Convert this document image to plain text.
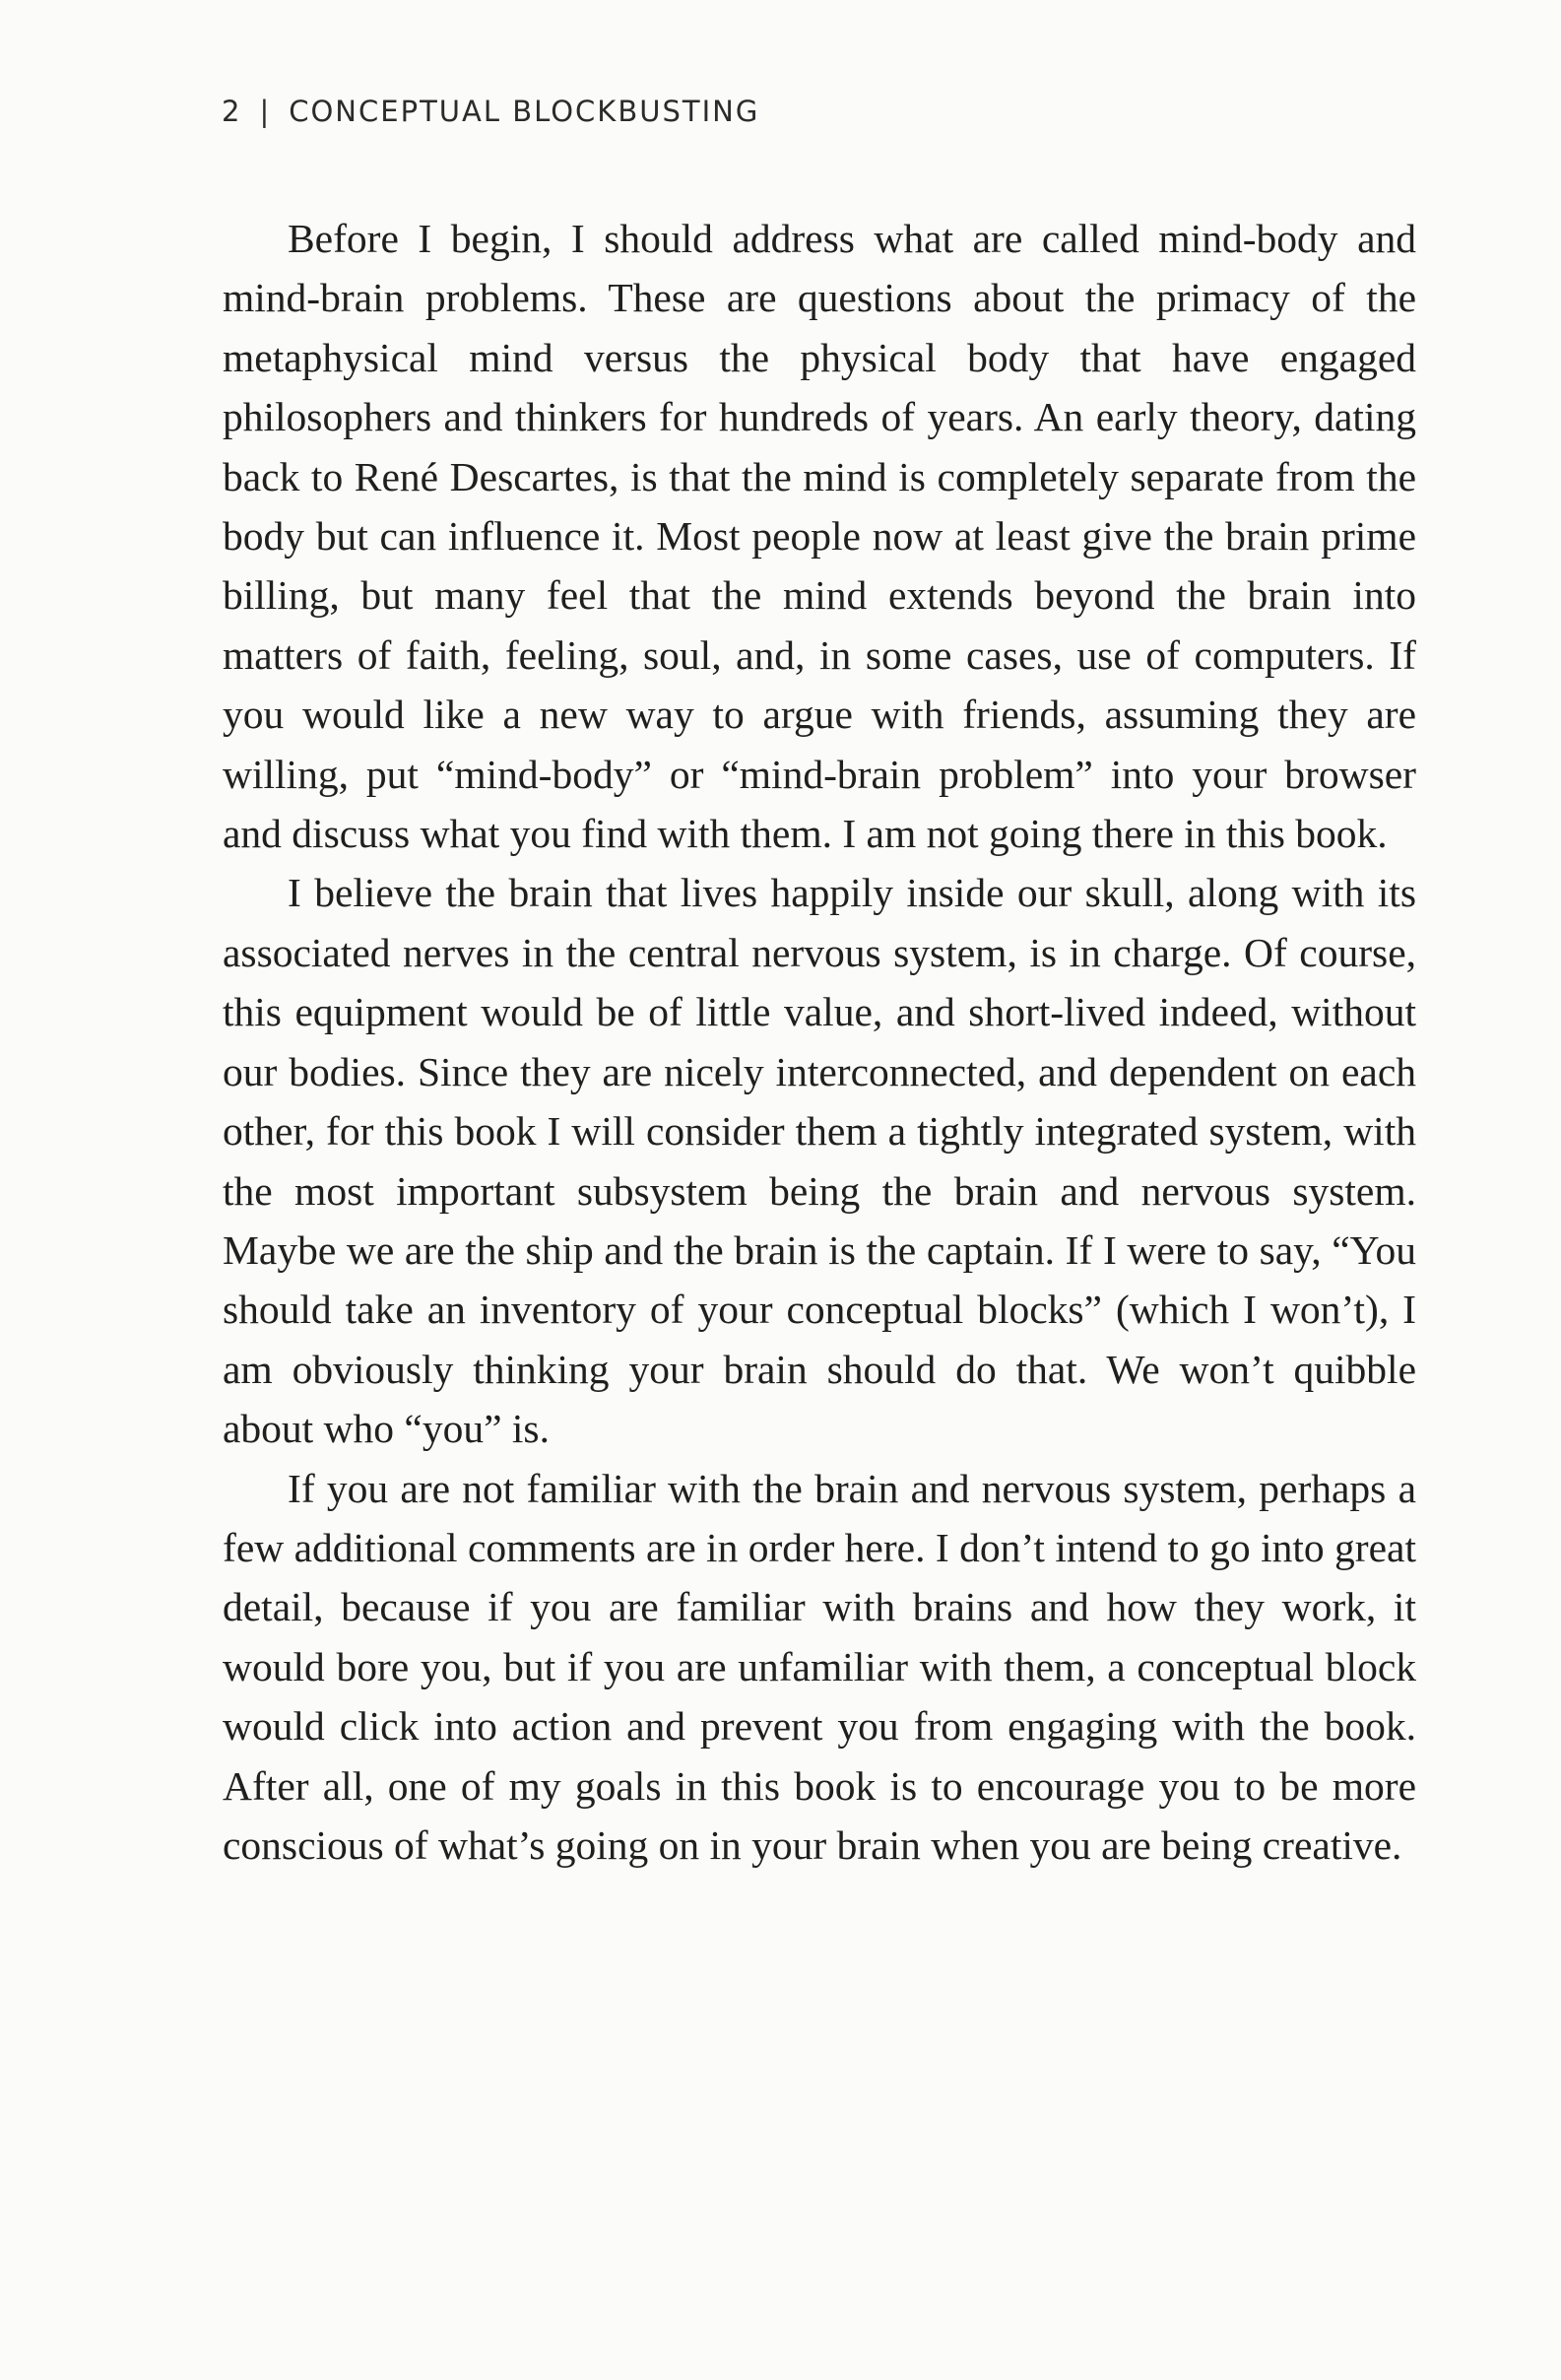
2 | CONCEPTUAL BLOCKBUSTING

Before I begin, I should address what are called mind-body and mind-brain problems. These are questions about the primacy of the metaphysical mind versus the physical body that have engaged philosophers and thinkers for hundreds of years. An early theory, dating back to René Descartes, is that the mind is completely separate from the body but can influence it. Most people now at least give the brain prime billing, but many feel that the mind extends beyond the brain into matters of faith, feeling, soul, and, in some cases, use of computers. If you would like a new way to argue with friends, assuming they are willing, put “mind-body” or “mind-brain problem” into your browser and discuss what you find with them. I am not going there in this book.

I believe the brain that lives happily inside our skull, along with its associated nerves in the central nervous system, is in charge. Of course, this equipment would be of little value, and short-lived indeed, without our bodies. Since they are nicely interconnected, and dependent on each other, for this book I will consider them a tightly integrated system, with the most important subsystem being the brain and nervous system. Maybe we are the ship and the brain is the captain. If I were to say, “You should take an inventory of your conceptual blocks” (which I won’t), I am obviously thinking your brain should do that. We won’t quibble about who “you” is.

If you are not familiar with the brain and nervous system, perhaps a few additional comments are in order here. I don’t intend to go into great detail, because if you are familiar with brains and how they work, it would bore you, but if you are unfamiliar with them, a conceptual block would click into action and prevent you from engaging with the book. After all, one of my goals in this book is to encourage you to be more conscious of what’s going on in your brain when you are being creative.
